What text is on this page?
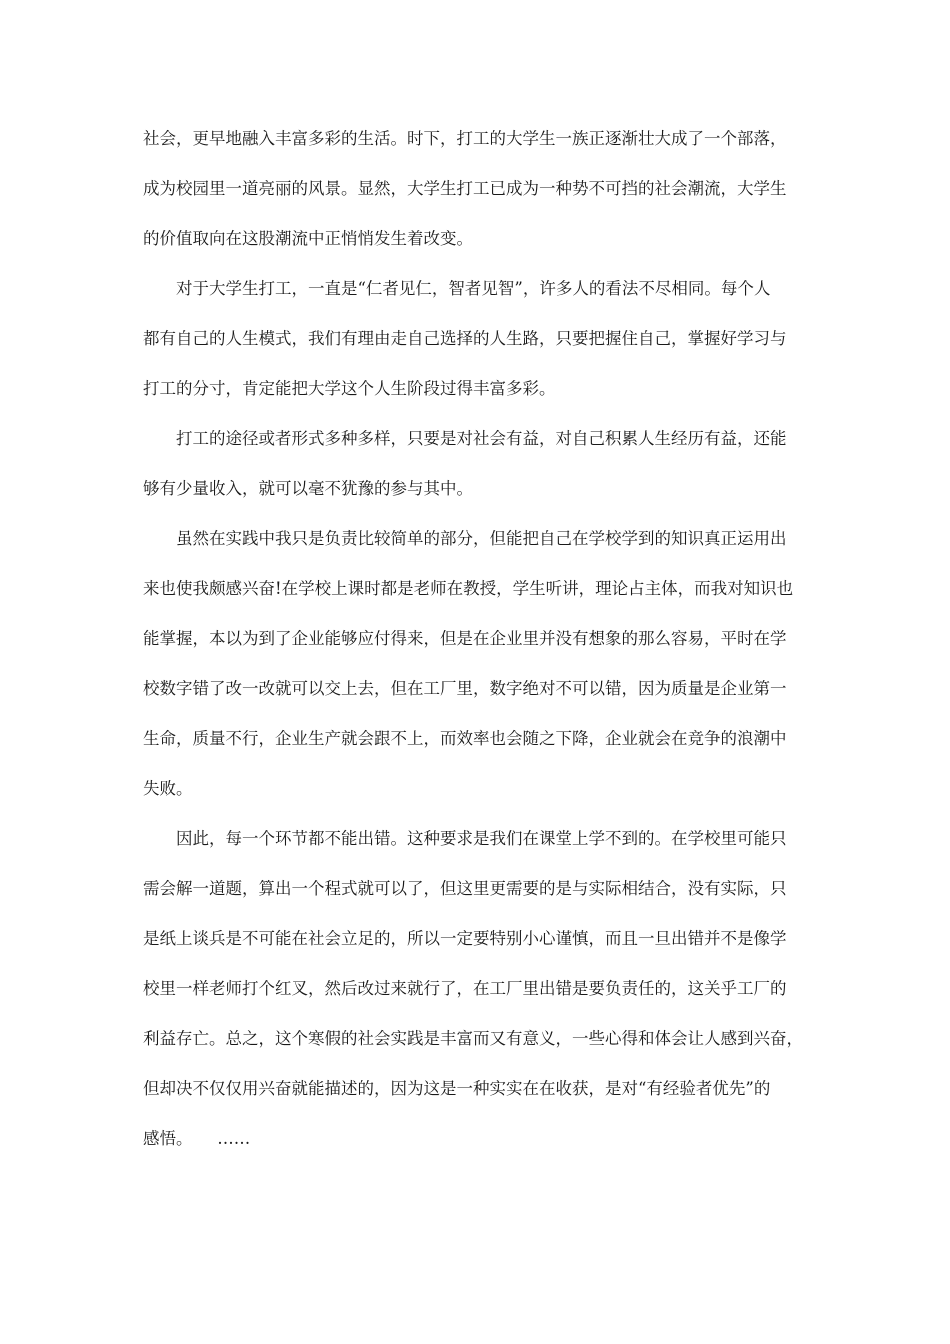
社会，更早地融入丰富多彩的生活。时下，打工的大学生一族正逐渐壮大成了一个部落，
成为校园里一道亮丽的风景。显然，大学生打工已成为一种势不可挡的社会潮流，大学生
的价值取向在这股潮流中正悄悄发生着改变。

　　对于大学生打工，一直是“仁者见仁，智者见智”，许多人的看法不尽相同。每个人
都有自己的人生模式，我们有理由走自己选择的人生路，只要把握住自己，掌握好学习与
打工的分寸，肯定能把大学这个人生阶段过得丰富多彩。

　　打工的途径或者形式多种多样，只要是对社会有益，对自己积累人生经历有益，还能
够有少量收入，就可以毫不犹豫的参与其中。

　　虽然在实践中我只是负责比较简单的部分，但能把自己在学校学到的知识真正运用出
来也使我颇感兴奋!在学校上课时都是老师在教授，学生听讲，理论占主体，而我对知识也
能掌握，本以为到了企业能够应付得来，但是在企业里并没有想象的那么容易，平时在学
校数字错了改一改就可以交上去，但在工厂里，数字绝对不可以错，因为质量是企业第一
生命，质量不行，企业生产就会跟不上，而效率也会随之下降，企业就会在竞争的浪潮中
失败。

　　因此，每一个环节都不能出错。这种要求是我们在课堂上学不到的。在学校里可能只
需会解一道题，算出一个程式就可以了，但这里更需要的是与实际相结合，没有实际，只
是纸上谈兵是不可能在社会立足的，所以一定要特别小心谨慎，而且一旦出错并不是像学
校里一样老师打个红叉，然后改过来就行了，在工厂里出错是要负责任的，这关乎工厂的
利益存亡。总之，这个寒假的社会实践是丰富而又有意义，一些心得和体会让人感到兴奋，
但却决不仅仅用兴奋就能描述的，因为这是一种实实在在收获，是对“有经验者优先”的
感悟。　　……
